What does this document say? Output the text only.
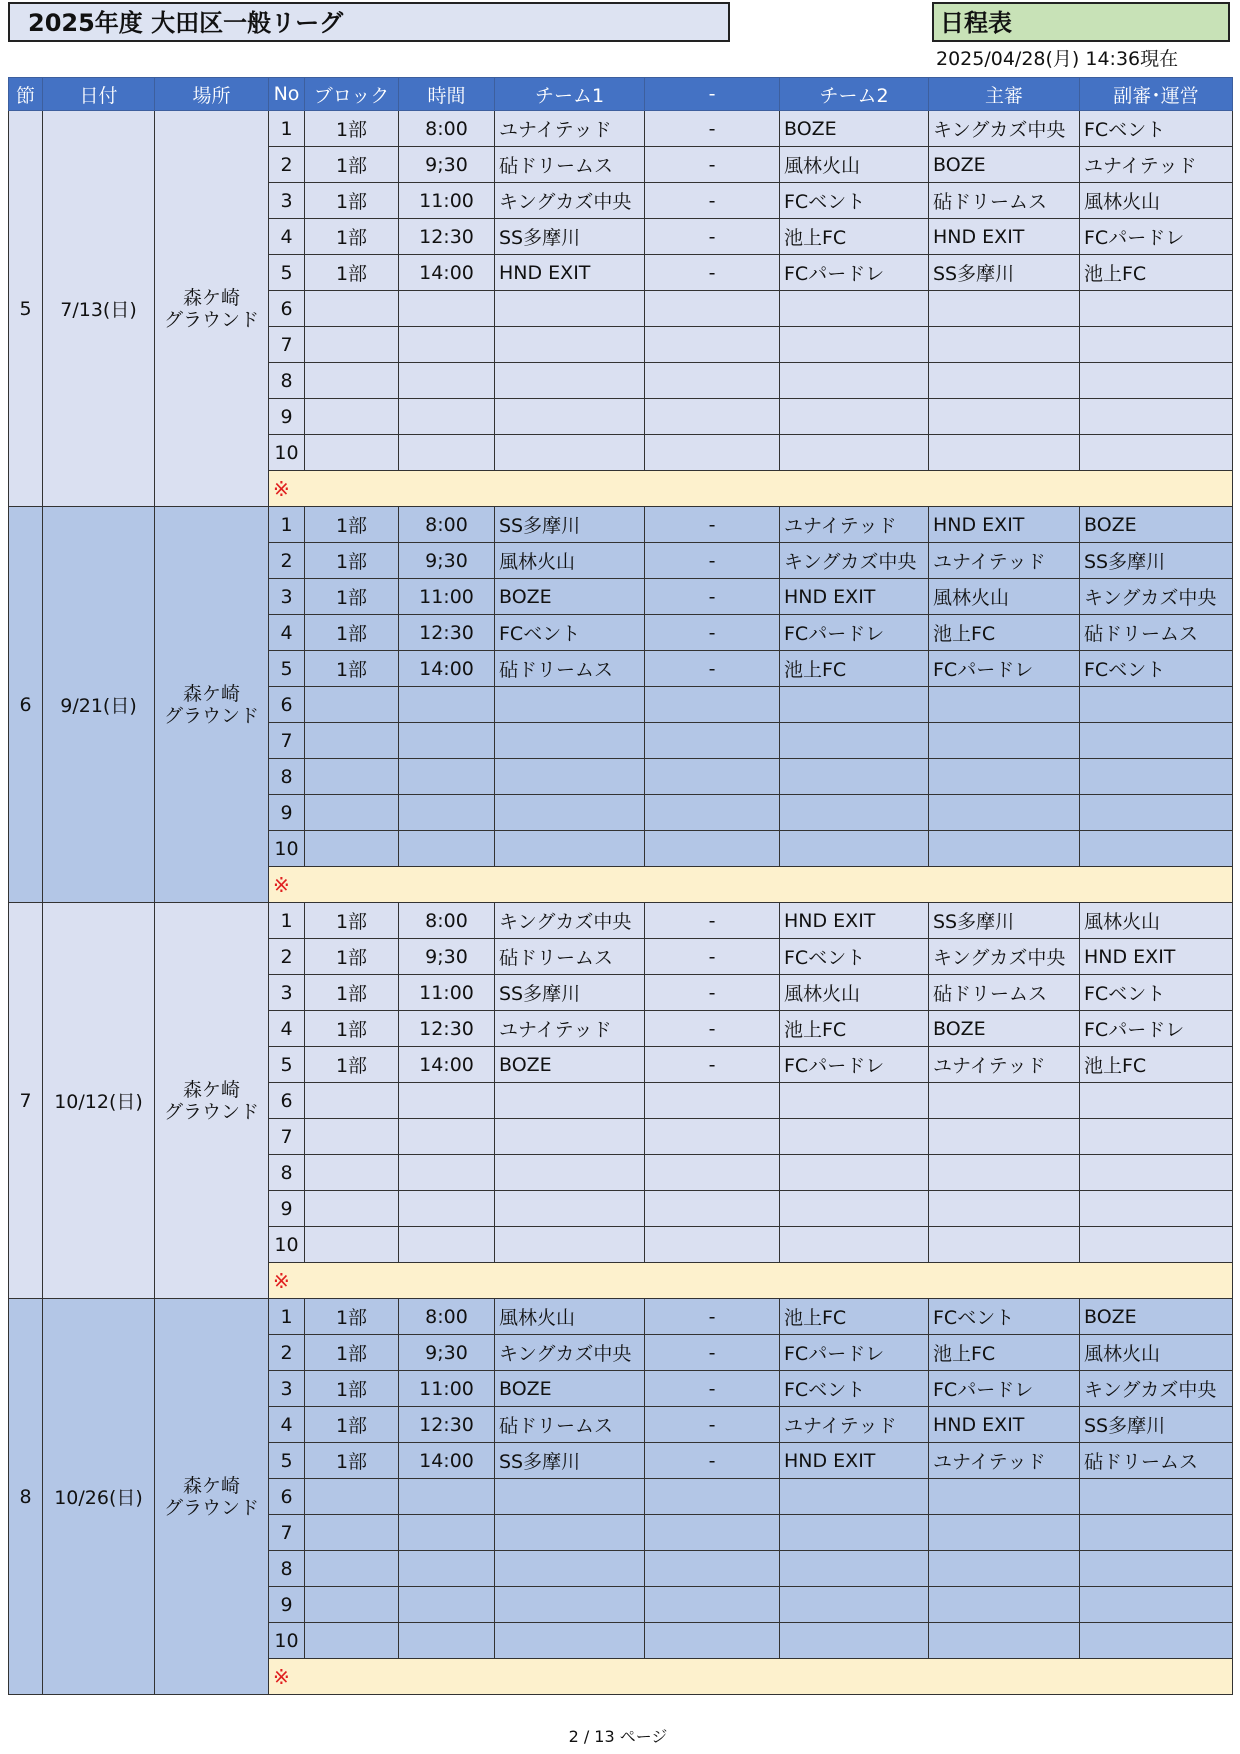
2025年度 大田区一般リーグ	日程表
2025/04/28(月) 14:36現在
節	日付	場所	No	ブロック	時間	チーム1	-	チーム2	主審	副審･運営
5	7/13(日)	森ケ崎
グラウンド	1	1部	8:00	ユナイテッド	-	BOZE	キングカズ中央	FCベント
			2	1部	9;30	砧ドリームス	-	風林火山	BOZE	ユナイテッド
			3	1部	11:00	キングカズ中央	-	FCベント	砧ドリームス	風林火山
			4	1部	12:30	SS多摩川	-	池上FC	HND EXIT	FCパードレ
			5	1部	14:00	HND EXIT	-	FCパードレ	SS多摩川	池上FC
			6							
			7							
			8							
			9							
			10							
			※							
6	9/21(日)	森ケ崎
グラウンド	1	1部	8:00	SS多摩川	-	ユナイテッド	HND EXIT	BOZE
			2	1部	9;30	風林火山	-	キングカズ中央	ユナイテッド	SS多摩川
			3	1部	11:00	BOZE	-	HND EXIT	風林火山	キングカズ中央
			4	1部	12:30	FCベント	-	FCパードレ	池上FC	砧ドリームス
			5	1部	14:00	砧ドリームス	-	池上FC	FCパードレ	FCベント
			6							
			7							
			8							
			9							
			10							
			※							
7	10/12(日)	森ケ崎
グラウンド	1	1部	8:00	キングカズ中央	-	HND EXIT	SS多摩川	風林火山
			2	1部	9;30	砧ドリームス	-	FCベント	キングカズ中央	HND EXIT
			3	1部	11:00	SS多摩川	-	風林火山	砧ドリームス	FCベント
			4	1部	12:30	ユナイテッド	-	池上FC	BOZE	FCパードレ
			5	1部	14:00	BOZE	-	FCパードレ	ユナイテッド	池上FC
			6							
			7							
			8							
			9							
			10							
			※							
8	10/26(日)	森ケ崎
グラウンド	1	1部	8:00	風林火山	-	池上FC	FCベント	BOZE
			2	1部	9;30	キングカズ中央	-	FCパードレ	池上FC	風林火山
			3	1部	11:00	BOZE	-	FCベント	FCパードレ	キングカズ中央
			4	1部	12:30	砧ドリームス	-	ユナイテッド	HND EXIT	SS多摩川
			5	1部	14:00	SS多摩川	-	HND EXIT	ユナイテッド	砧ドリームス
			6							
			7							
			8							
			9							
			10							
			※							
2 / 13 ページ
